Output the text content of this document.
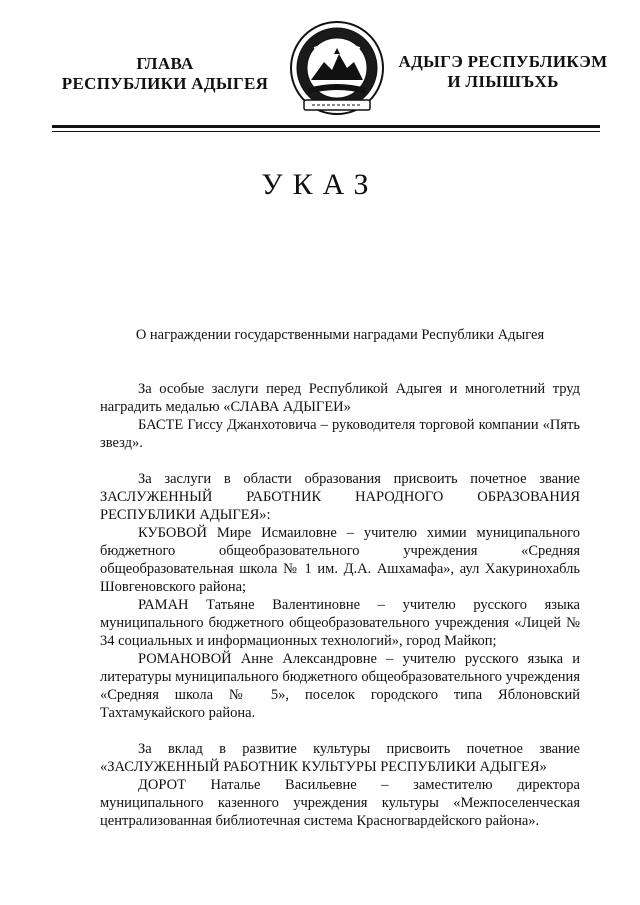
ГЛАВА
РЕСПУБЛИКИ АДЫГЕЯ
АДЫГЭ РЕСПУБЛИКЭМ
И ЛІЫШЪХЬ
УКАЗ
О награждении государственными наградами Республики Адыгея

За особые заслуги перед Республикой Адыгея и многолетний труд наградить медалью «СЛАВА АДЫГЕИ»

БАСТЕ Гиссу Джанхотовича – руководителя торговой компании «Пять звезд».

За заслуги в области образования присвоить почетное звание ЗАСЛУЖЕННЫЙ РАБОТНИК НАРОДНОГО ОБРАЗОВАНИЯ РЕСПУБЛИКИ АДЫГЕЯ»:

КУБОВОЙ Мире Исмаиловне – учителю химии муниципального бюджетного общеобразовательного учреждения «Средняя общеобразовательная школа № 1 им. Д.А. Ашхамафа», аул Хакуринохабль Шовгеновского района;

РАМАН Татьяне Валентиновне – учителю русского языка муниципального бюджетного общеобразовательного учреждения «Лицей № 34 социальных и информационных технологий», город Майкоп;

РОМАНОВОЙ Анне Александровне – учителю русского языка и литературы муниципального бюджетного общеобразовательного учреждения «Средняя школа № 5», поселок городского типа Яблоновский Тахтамукайского района.

За вклад в развитие культуры присвоить почетное звание «ЗАСЛУЖЕННЫЙ РАБОТНИК КУЛЬТУРЫ РЕСПУБЛИКИ АДЫГЕЯ»

ДОРОТ Наталье Васильевне – заместителю директора муниципального казенного учреждения культуры «Межпоселенческая централизованная библиотечная система Красногвардейского района».
